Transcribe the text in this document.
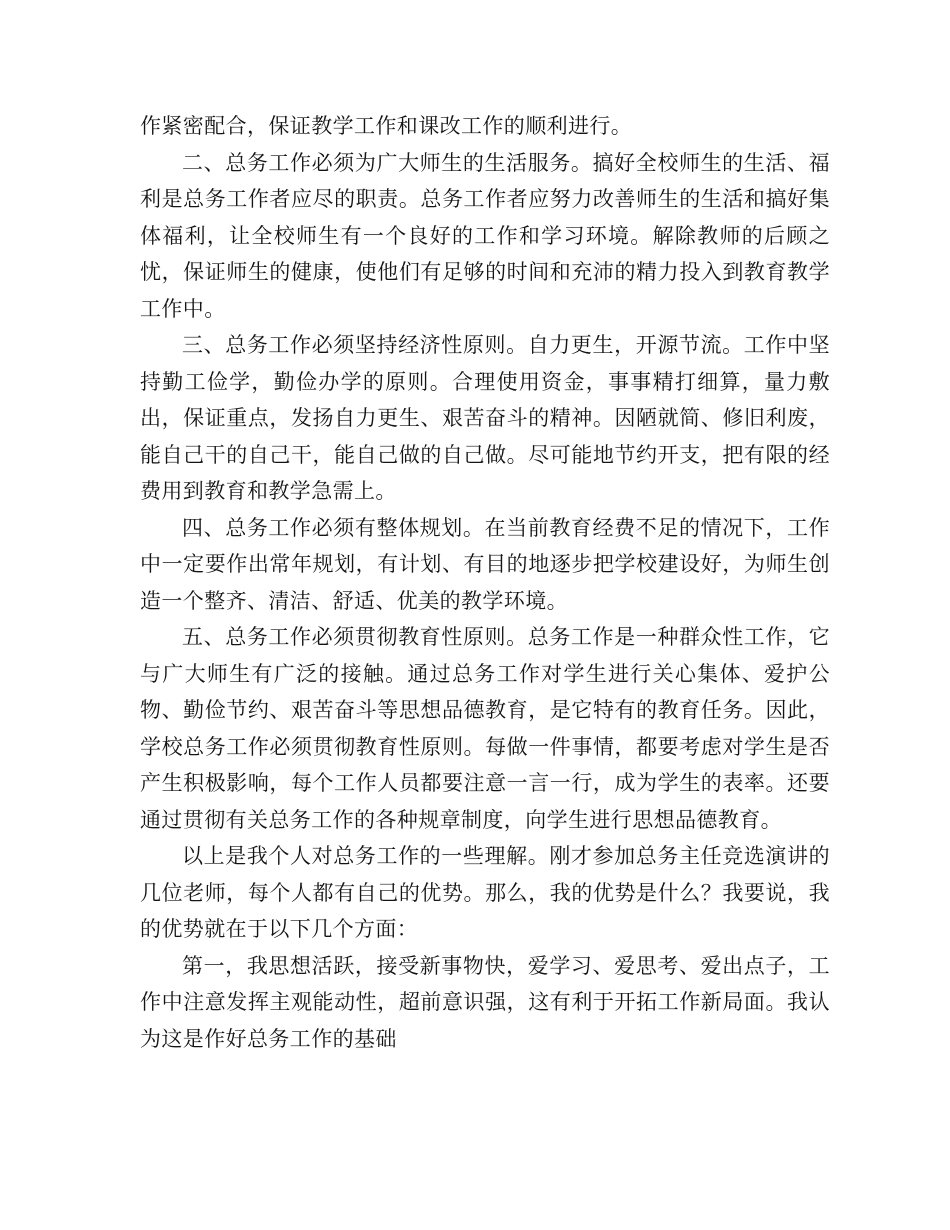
作紧密配合，保证教学工作和课改工作的顺利进行。

二、总务工作必须为广大师生的生活服务。搞好全校师生的生活、福利是总务工作者应尽的职责。总务工作者应努力改善师生的生活和搞好集体福利，让全校师生有一个良好的工作和学习环境。解除教师的后顾之忧，保证师生的健康，使他们有足够的时间和充沛的精力投入到教育教学工作中。

三、总务工作必须坚持经济性原则。自力更生，开源节流。工作中坚持勤工俭学，勤俭办学的原则。合理使用资金，事事精打细算，量力敷出，保证重点，发扬自力更生、艰苦奋斗的精神。因陋就简、修旧利废，能自己干的自己干，能自己做的自己做。尽可能地节约开支，把有限的经费用到教育和教学急需上。

四、总务工作必须有整体规划。在当前教育经费不足的情况下，工作中一定要作出常年规划，有计划、有目的地逐步把学校建设好，为师生创造一个整齐、清洁、舒适、优美的教学环境。

五、总务工作必须贯彻教育性原则。总务工作是一种群众性工作，它与广大师生有广泛的接触。通过总务工作对学生进行关心集体、爱护公物、勤俭节约、艰苦奋斗等思想品德教育，是它特有的教育任务。因此，学校总务工作必须贯彻教育性原则。每做一件事情，都要考虑对学生是否产生积极影响，每个工作人员都要注意一言一行，成为学生的表率。还要通过贯彻有关总务工作的各种规章制度，向学生进行思想品德教育。

以上是我个人对总务工作的一些理解。刚才参加总务主任竞选演讲的几位老师，每个人都有自己的优势。那么，我的优势是什么？我要说，我的优势就在于以下几个方面：

第一，我思想活跃，接受新事物快，爱学习、爱思考、爱出点子，工作中注意发挥主观能动性，超前意识强，这有利于开拓工作新局面。我认为这是作好总务工作的基础
